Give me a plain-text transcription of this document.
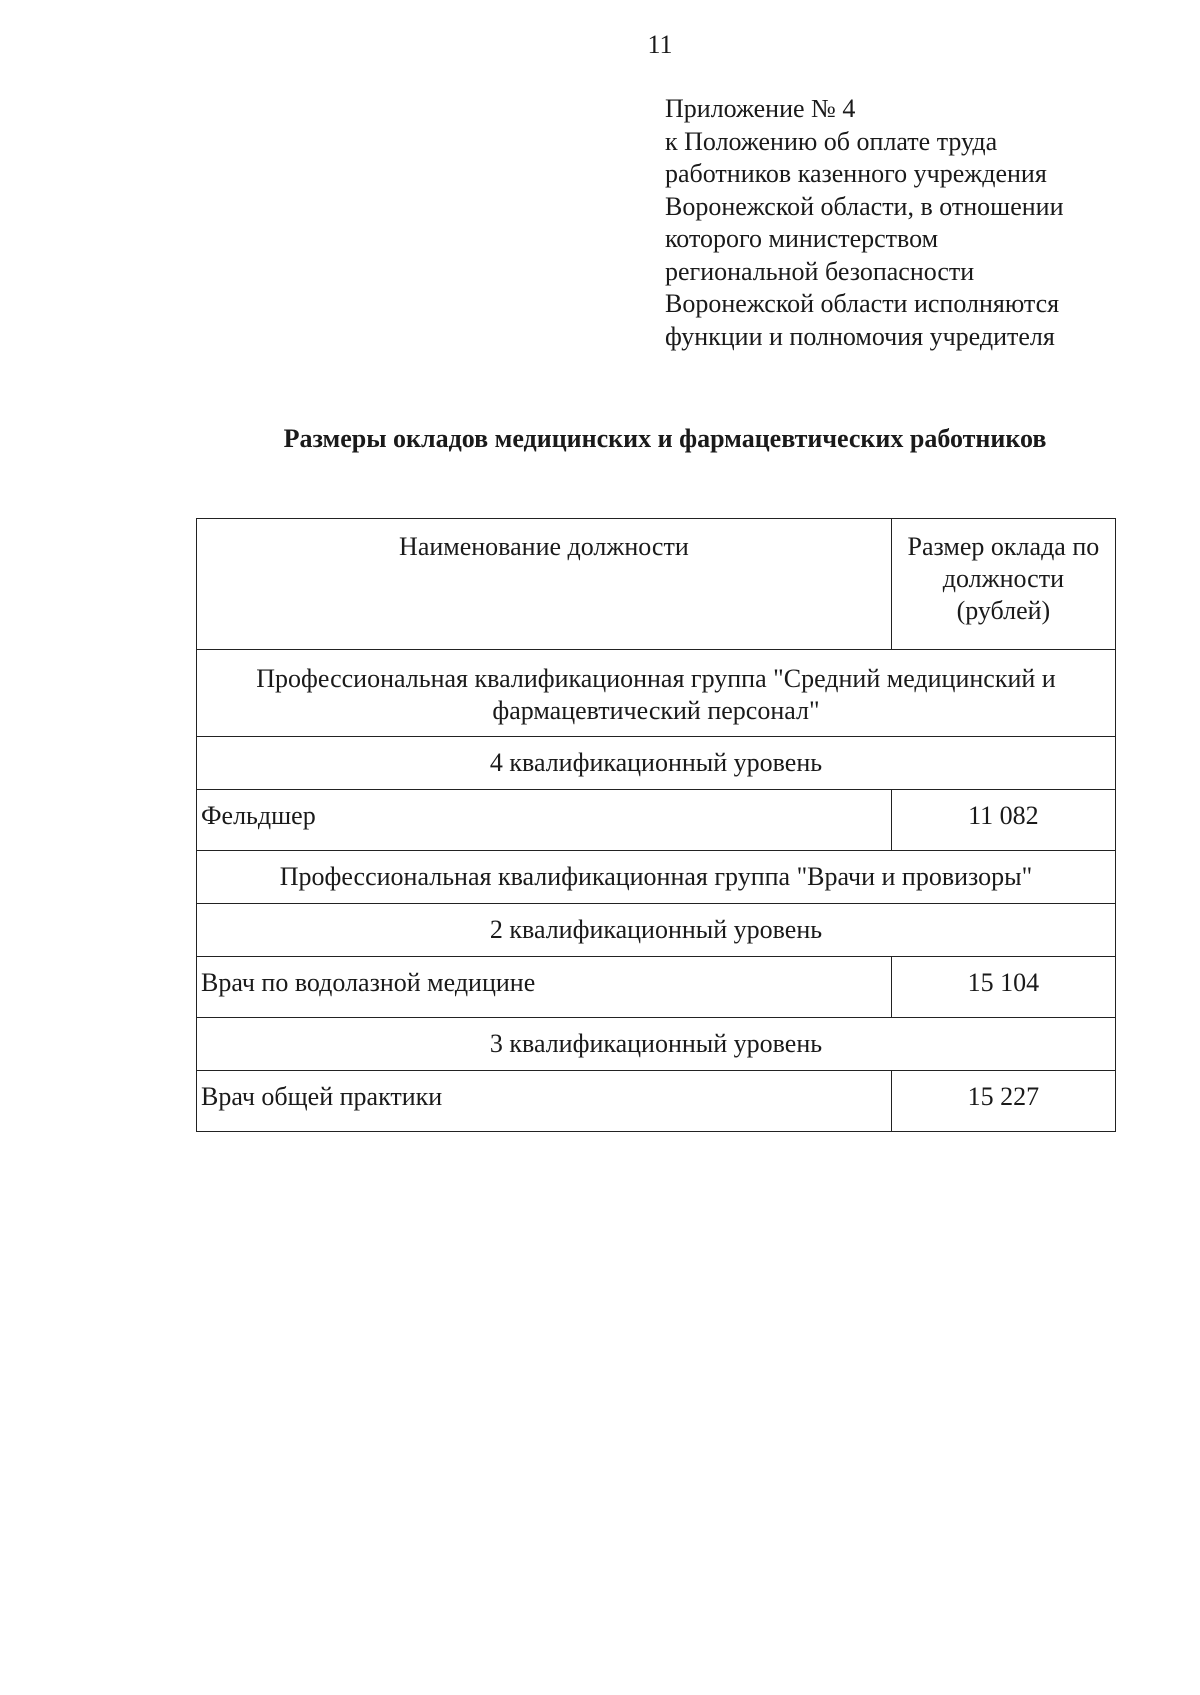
11
Приложение № 4
к Положению об оплате труда
работников казенного учреждения
Воронежской области, в отношении
которого министерством
региональной безопасности
Воронежской области исполняются
функции и полномочия учредителя
Размеры окладов медицинских и фармацевтических работников
Наименование должности	Размер оклада по должности (рублей)
Профессиональная квалификационная группа "Средний медицинский и фармацевтический персонал"	
4 квалификационный уровень	
Фельдшер	11 082
Профессиональная квалификационная группа "Врачи и провизоры"	
2 квалификационный уровень	
Врач по водолазной медицине	15 104
3 квалификационный уровень	
Врач общей практики	15 227
